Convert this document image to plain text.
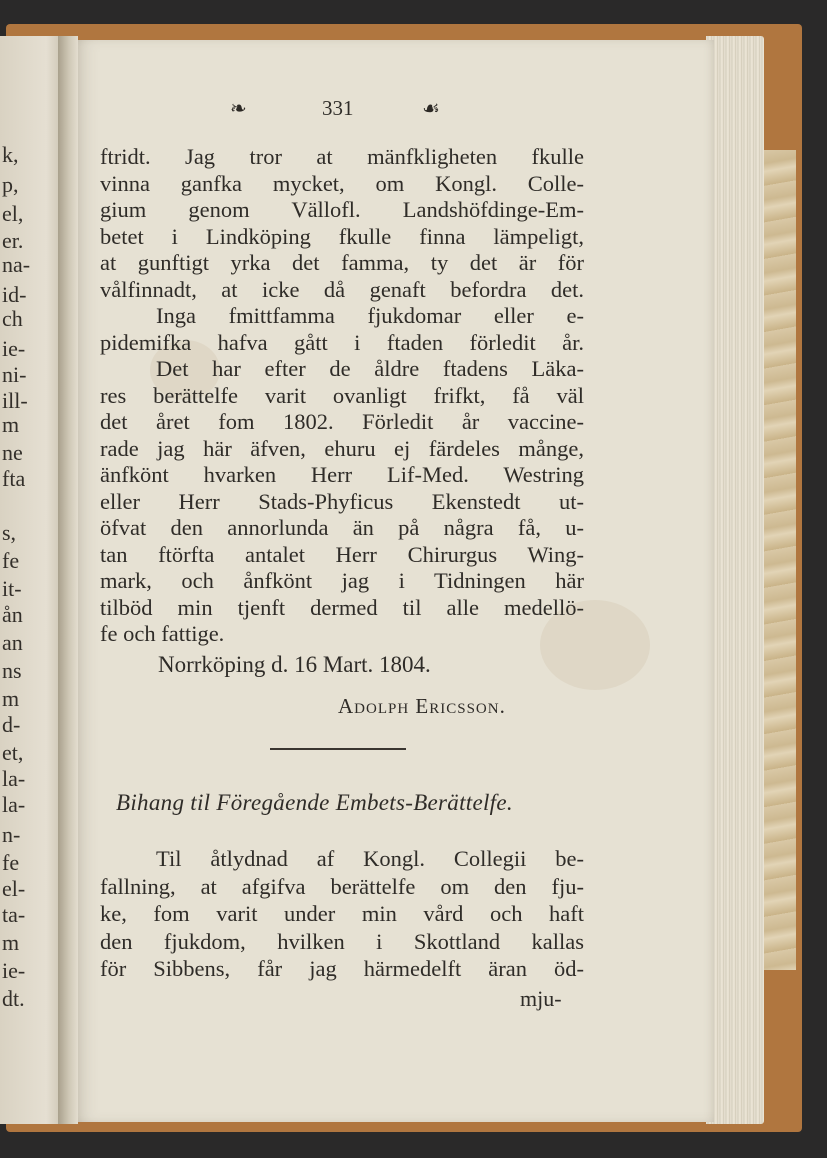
k,
p,
el,
er.
na-
id-
ch
ie-
ni-
ill-
m
ne
fta
s,
fe
it-
ån
an
ns
m
d-
et,
la-
la-
n-
fe
el-
ta-
m
ie-
dt.
❧	331	☙
ftridt. Jag tror at mänfkligheten fkulle
vinna ganfka mycket, om Kongl. Colle-
gium genom Vällofl. Landshöfdinge-Em-
betet i Lindköping fkulle finna lämpeligt,
at gunftigt yrka det famma, ty det är för
vålfinnadt, at icke då genaft befordra det.
Inga fmittfamma fjukdomar eller e-
pidemifka hafva gått i ftaden förledit år.
Det har efter de åldre ftadens Läka-
res berättelfe varit ovanligt frifkt, få väl
det året fom 1802. Förledit år vaccine-
rade jag här äfven, ehuru ej färdeles månge,
änfkönt hvarken Herr Lif-Med. Westring
eller Herr Stads-Phyficus Ekenstedt ut-
öfvat den annorlunda än på några få, u-
tan ftörfta antalet Herr Chirurgus Wing-
mark, och ånfkönt jag i Tidningen här
tilböd min tjenft dermed til alle medellö-
fe och fattige.
Norrköping d. 16 Mart. 1804.
Adolph Ericsson.
Bihang til Föregående Embets-Berättelfe.
Til åtlydnad af Kongl. Collegii be-
fallning, at afgifva berättelfe om den fju-
ke, fom varit under min vård och haft
den fjukdom, hvilken i Skottland kallas
för Sibbens, får jag härmedelft äran öd-
mju-
